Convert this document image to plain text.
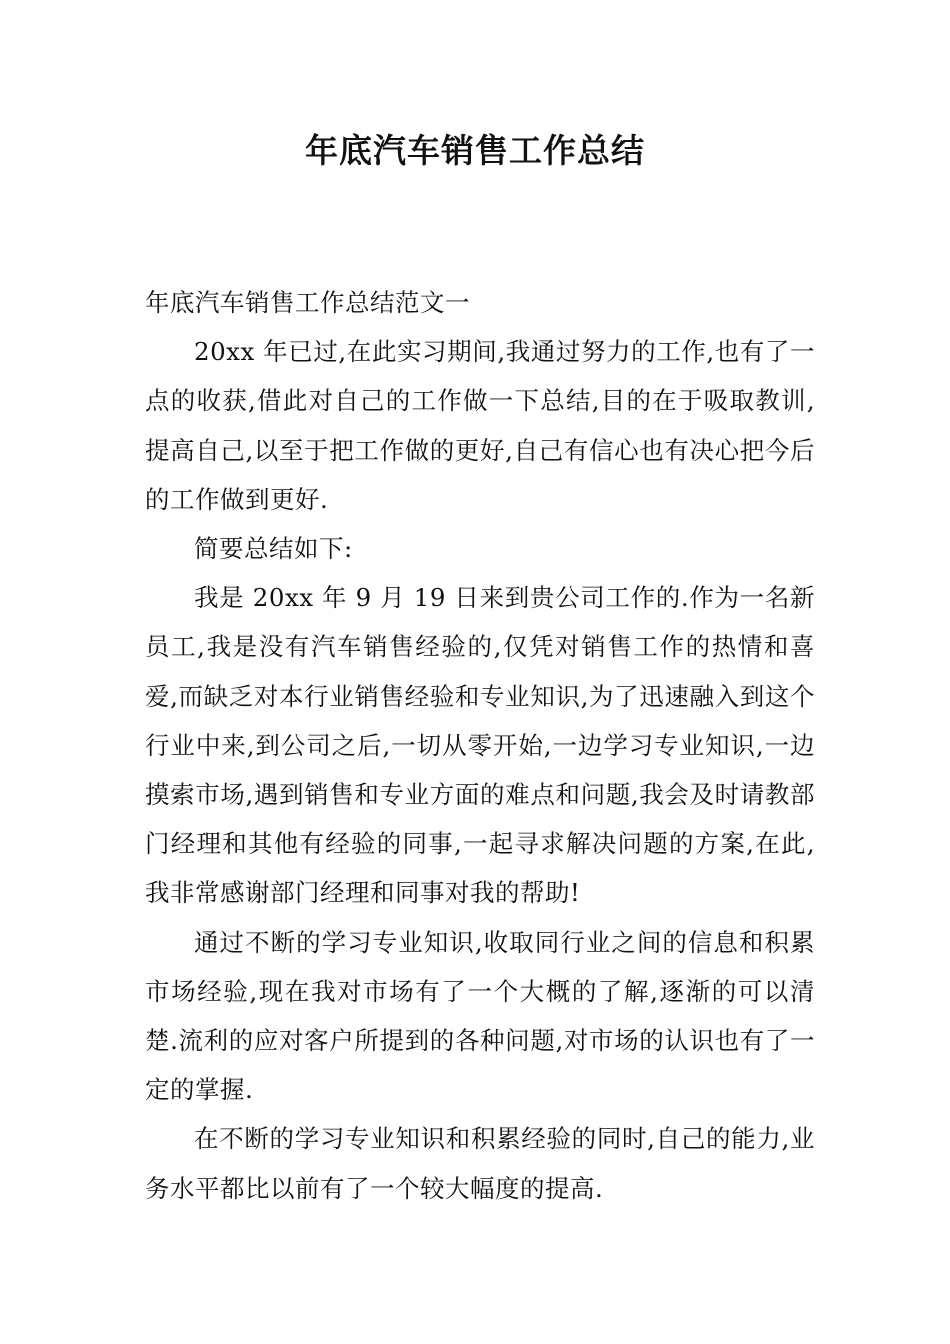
年底汽车销售工作总结

年底汽车销售工作总结范文一

20xx 年已过,在此实习期间,我通过努力的工作,也有了一点的收获,借此对自己的工作做一下总结,目的在于吸取教训,提高自己,以至于把工作做的更好,自己有信心也有决心把今后的工作做到更好.

简要总结如下:

我是 20xx 年 9 月 19 日来到贵公司工作的.作为一名新员工,我是没有汽车销售经验的,仅凭对销售工作的热情和喜爱,而缺乏对本行业销售经验和专业知识,为了迅速融入到这个行业中来,到公司之后,一切从零开始,一边学习专业知识,一边摸索市场,遇到销售和专业方面的难点和问题,我会及时请教部门经理和其他有经验的同事,一起寻求解决问题的方案,在此,我非常感谢部门经理和同事对我的帮助!

通过不断的学习专业知识,收取同行业之间的信息和积累市场经验,现在我对市场有了一个大概的了解,逐渐的可以清楚.流利的应对客户所提到的各种问题,对市场的认识也有了一定的掌握.

在不断的学习专业知识和积累经验的同时,自己的能力,业务水平都比以前有了一个较大幅度的提高.
